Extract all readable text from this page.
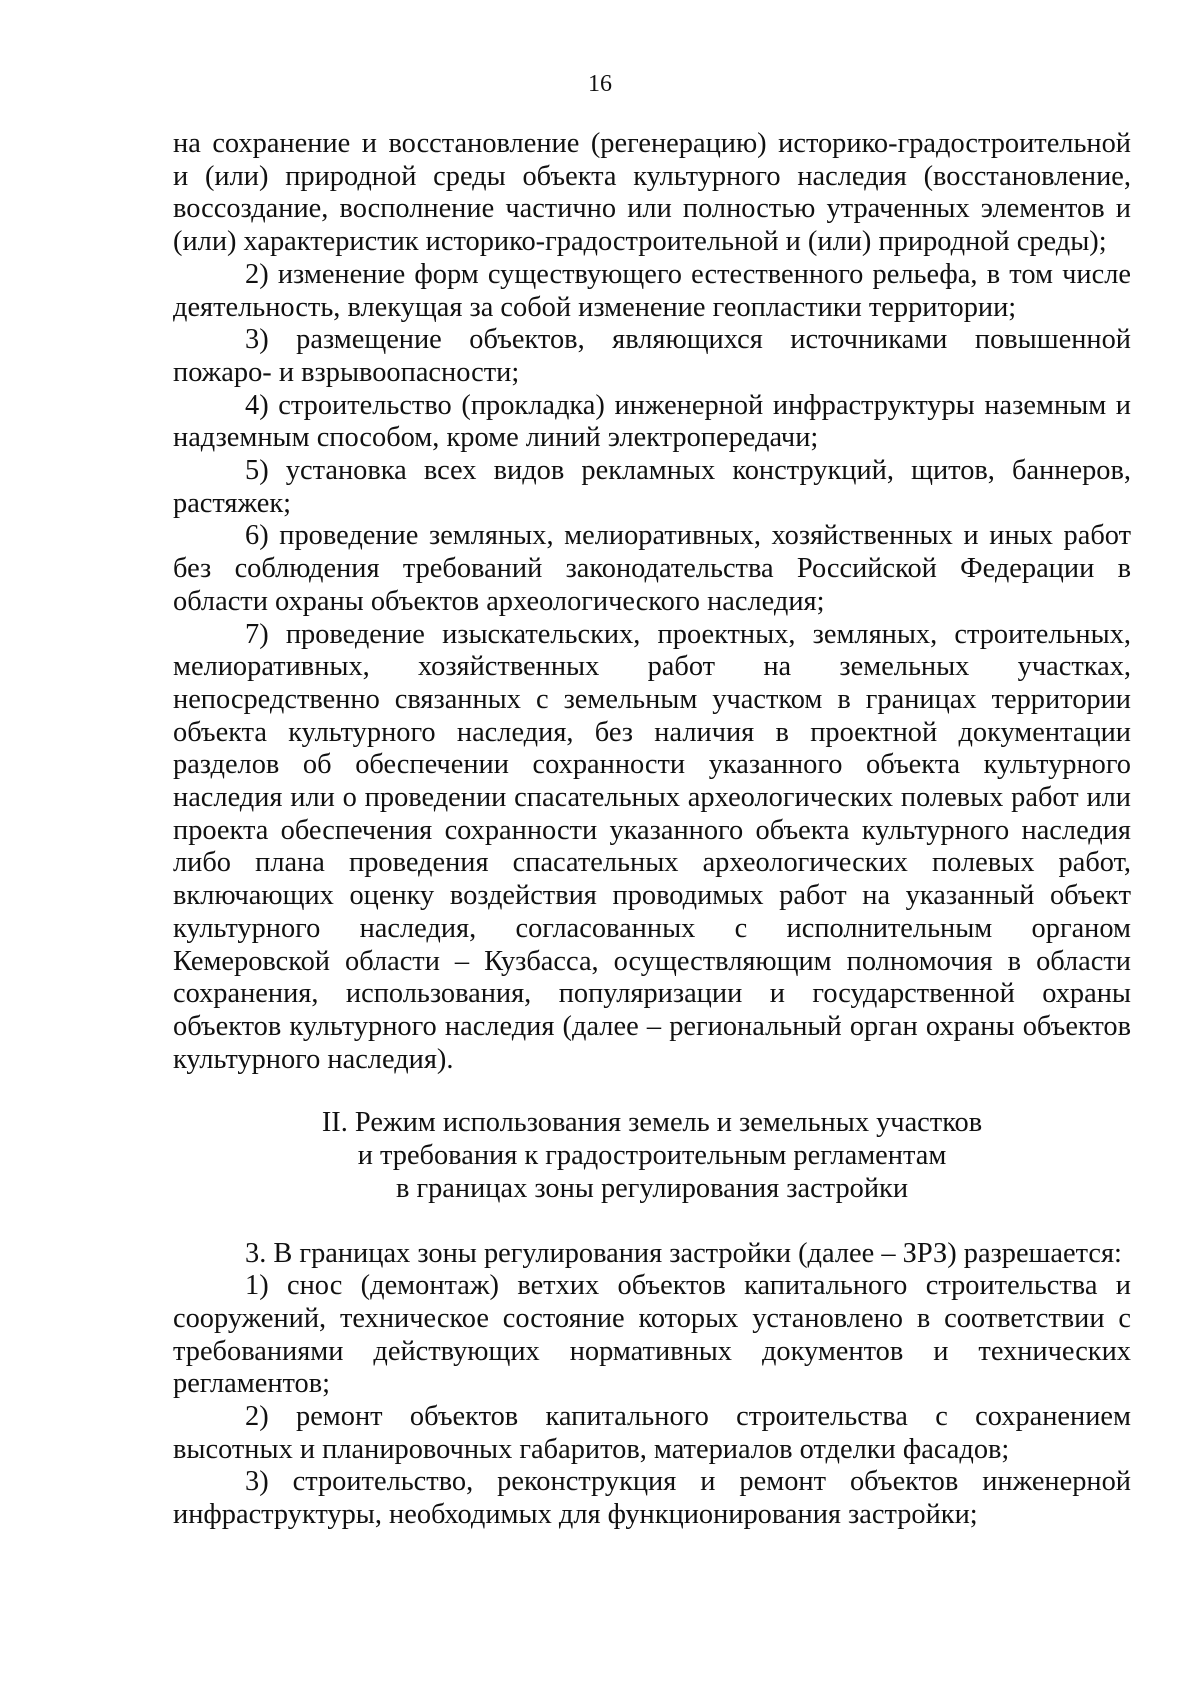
16

на сохранение и восстановление (регенерацию) историко-градостроительной и (или) природной среды объекта культурного наследия (восстановление, воссоздание, восполнение частично или полностью утраченных элементов и (или) характеристик историко-градостроительной и (или) природной среды);

2) изменение форм существующего естественного рельефа, в том числе деятельность, влекущая за собой изменение геопластики территории;

3) размещение объектов, являющихся источниками повышенной пожаро- и взрывоопасности;

4) строительство (прокладка) инженерной инфраструктуры наземным и надземным способом, кроме линий электропередачи;

5) установка всех видов рекламных конструкций, щитов, баннеров, растяжек;

6) проведение земляных, мелиоративных, хозяйственных и иных работ без соблюдения требований законодательства Российской Федерации в области охраны объектов археологического наследия;

7) проведение изыскательских, проектных, земляных, строительных, мелиоративных, хозяйственных работ на земельных участках, непосредственно связанных с земельным участком в границах территории объекта культурного наследия, без наличия в проектной документации разделов об обеспечении сохранности указанного объекта культурного наследия или о проведении спасательных археологических полевых работ или проекта обеспечения сохранности указанного объекта культурного наследия либо плана проведения спасательных археологических полевых работ, включающих оценку воздействия проводимых работ на указанный объект культурного наследия, согласованных с исполнительным органом Кемеровской области – Кузбасса, осуществляющим полномочия в области сохранения, использования, популяризации и государственной охраны объектов культурного наследия (далее – региональный орган охраны объектов культурного наследия).

II. Режим использования земель и земельных участков
и требования к градостроительным регламентам
в границах зоны регулирования застройки

3. В границах зоны регулирования застройки (далее – ЗРЗ) разрешается:

1) снос (демонтаж) ветхих объектов капитального строительства и сооружений, техническое состояние которых установлено в соответствии с требованиями действующих нормативных документов и технических регламентов;

2) ремонт объектов капитального строительства с сохранением высотных и планировочных габаритов, материалов отделки фасадов;

3) строительство, реконструкция и ремонт объектов инженерной инфраструктуры, необходимых для функционирования застройки;
